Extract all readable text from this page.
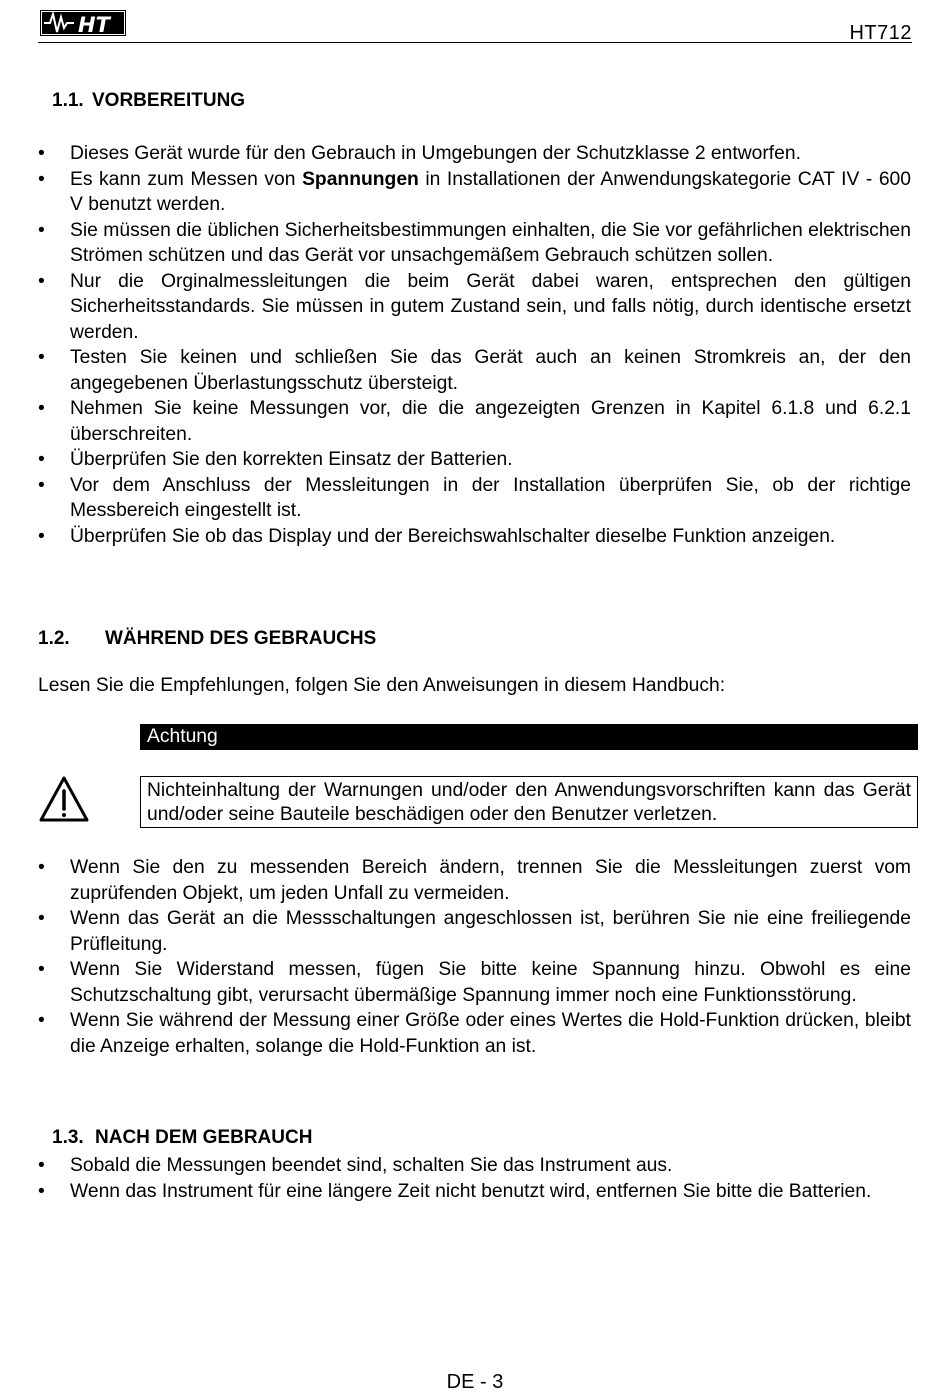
HT	HT712
1.1. VORBEREITUNG
• Dieses Gerät wurde für den Gebrauch in Umgebungen der Schutzklasse 2 entworfen.
• Es kann zum Messen von Spannungen in Installationen der Anwendungskategorie CAT IV - 600 V benutzt werden.
• Sie müssen die üblichen Sicherheitsbestimmungen einhalten, die Sie vor gefährlichen elektrischen Strömen schützen und das Gerät vor unsachgemäßem Gebrauch schützen sollen.
• Nur die Orginalmessleitungen die beim Gerät dabei waren, entsprechen den gültigen Sicherheitsstandards. Sie müssen in gutem Zustand sein, und falls nötig, durch identische ersetzt werden.
• Testen Sie keinen und schließen Sie das Gerät auch an keinen Stromkreis an, der den angegebenen Überlastungsschutz übersteigt.
• Nehmen Sie keine Messungen vor, die die angezeigten Grenzen in Kapitel 6.1.8 und 6.2.1 überschreiten.
• Überprüfen Sie den korrekten Einsatz der Batterien.
• Vor dem Anschluss der Messleitungen in der Installation überprüfen Sie, ob der richtige Messbereich eingestellt ist.
• Überprüfen Sie ob das Display und der Bereichswahlschalter dieselbe Funktion anzeigen.
1.2. WÄHREND DES GEBRAUCHS
Lesen Sie die Empfehlungen, folgen Sie den Anweisungen in diesem Handbuch:
Achtung
Nichteinhaltung der Warnungen und/oder den Anwendungsvorschriften kann das Gerät und/oder seine Bauteile beschädigen oder den Benutzer verletzen.
• Wenn Sie den zu messenden Bereich ändern, trennen Sie die Messleitungen zuerst vom zuprüfenden Objekt, um jeden Unfall zu vermeiden.
• Wenn das Gerät an die Messschaltungen angeschlossen ist, berühren Sie nie eine freiliegende Prüfleitung.
• Wenn Sie Widerstand messen, fügen Sie bitte keine Spannung hinzu. Obwohl es eine Schutzschaltung gibt, verursacht übermäßige Spannung immer noch eine Funktionsstörung.
• Wenn Sie während der Messung einer Größe oder eines Wertes die Hold-Funktion drücken, bleibt die Anzeige erhalten, solange die Hold-Funktion an ist.
1.3. NACH DEM GEBRAUCH
• Sobald die Messungen beendet sind, schalten Sie das Instrument aus.
• Wenn das Instrument für eine längere Zeit nicht benutzt wird, entfernen Sie bitte die Batterien.
DE - 3
